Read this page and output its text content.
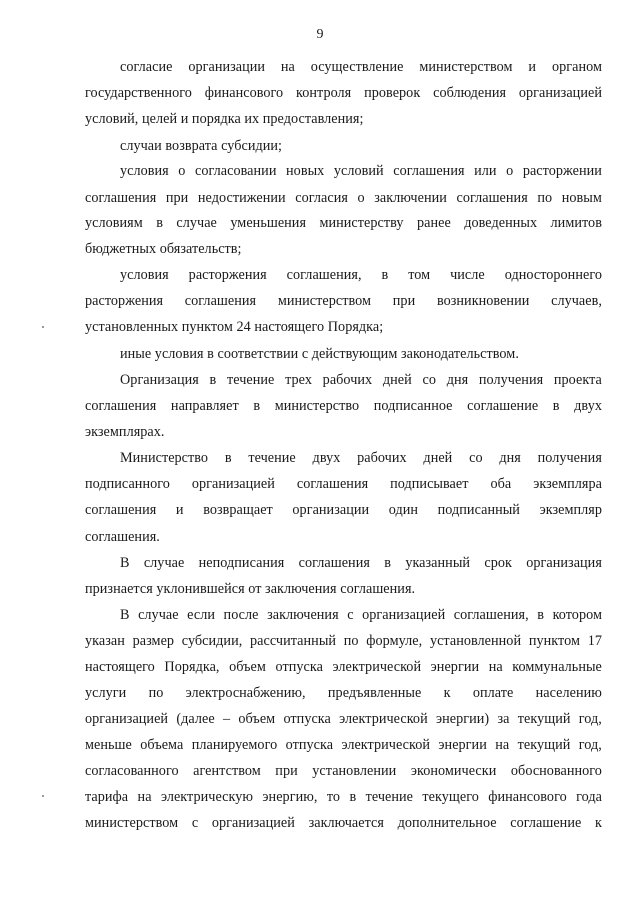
9
согласие организации на осуществление министерством и органом
государственного финансового контроля проверок соблюдения организацией
условий, целей и порядка их предоставления;
случаи возврата субсидии;
условия о согласовании новых условий соглашения или о расторжении
соглашения при недостижении согласия о заключении соглашения по новым
условиям в случае уменьшения министерству ранее доведенных лимитов
бюджетных обязательств;
условия расторжения соглашения, в том числе одностороннего
расторжения соглашения министерством при возникновении случаев,
установленных пунктом 24 настоящего Порядка;
иные условия в соответствии с действующим законодательством.
Организация в течение трех рабочих дней со дня получения проекта
соглашения направляет в министерство подписанное соглашение в двух
экземплярах.
Министерство в течение двух рабочих дней со дня получения
подписанного организацией соглашения подписывает оба экземпляра
соглашения и возвращает организации один подписанный экземпляр
соглашения.
В случае неподписания соглашения в указанный срок организация
признается уклонившейся от заключения соглашения.
В случае если после заключения с организацией соглашения, в котором
указан размер субсидии, рассчитанный по формуле, установленной пунктом 17
настоящего Порядка, объем отпуска электрической энергии на коммунальные
услуги по электроснабжению, предъявленные к оплате населению
организацией (далее – объем отпуска электрической энергии) за текущий год,
меньше объема планируемого отпуска электрической энергии на текущий год,
согласованного агентством при установлении экономически обоснованного
тарифа на электрическую энергию, то в течение текущего финансового года
министерством с организацией заключается дополнительное соглашение к
